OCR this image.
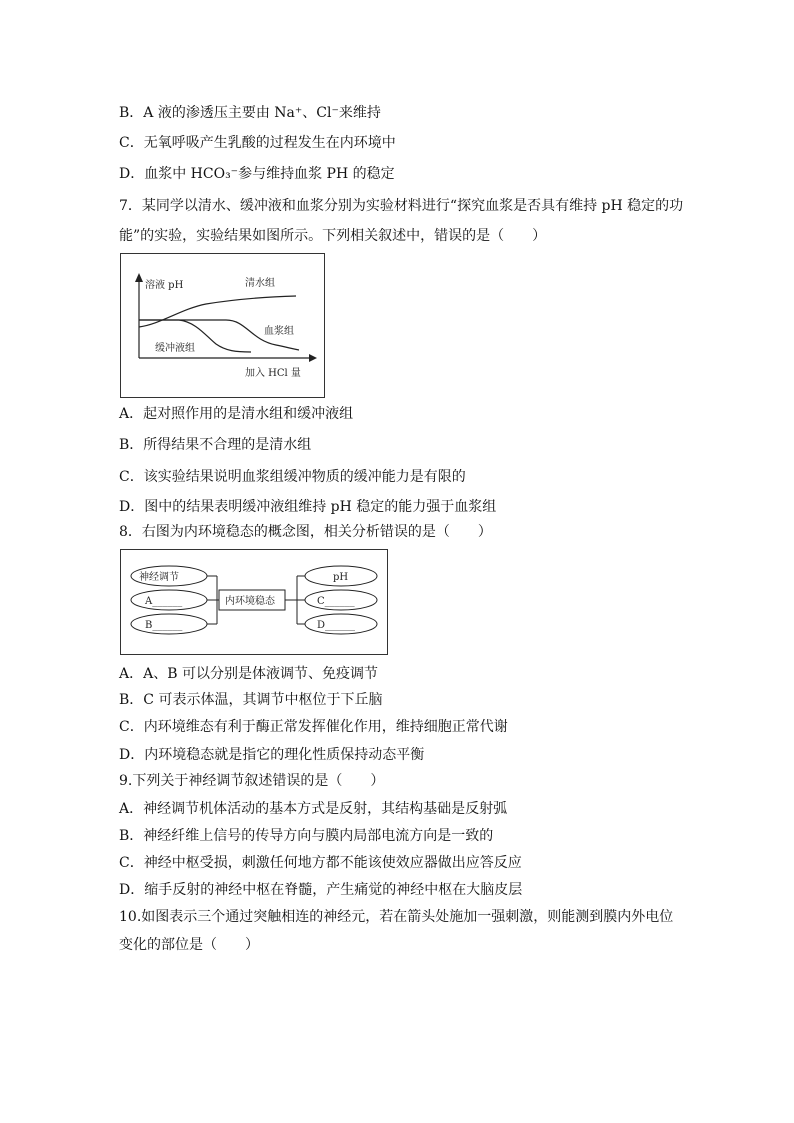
B．A 液的渗透压主要由 Na⁺、Cl⁻来维持
C．无氧呼吸产生乳酸的过程发生在内环境中
D．血浆中 HCO₃⁻参与维持血浆 PH 的稳定
7．某同学以清水、缓冲液和血浆分别为实验材料进行“探究血浆是否具有维持 pH 稳定的功
能”的实验，实验结果如图所示。下列相关叙述中，错误的是（　　）
溶液 pH
加入 HCl 量
清水组
血浆组
缓冲液组
A．起对照作用的是清水组和缓冲液组
B．所得结果不合理的是清水组
C．该实验结果说明血浆组缓冲物质的缓冲能力是有限的
D．图中的结果表明缓冲液组维持 pH 稳定的能力强于血浆组
8．右图为内环境稳态的概念图，相关分析错误的是（　　）
神经调节
A______
B______
内环境稳态
pH
C______
D______
A．A、B 可以分别是体液调节、免疫调节
B．C 可表示体温，其调节中枢位于下丘脑
C．内环境维态有利于酶正常发挥催化作用，维持细胞正常代谢
D．内环境稳态就是指它的理化性质保持动态平衡
9.下列关于神经调节叙述错误的是（　　）
A．神经调节机体活动的基本方式是反射，其结构基础是反射弧
B．神经纤维上信号的传导方向与膜内局部电流方向是一致的
C．神经中枢受损，刺激任何地方都不能该使效应器做出应答反应
D．缩手反射的神经中枢在脊髓，产生痛觉的神经中枢在大脑皮层
10.如图表示三个通过突触相连的神经元，若在箭头处施加一强刺激，则能测到膜内外电位
变化的部位是（　　）
